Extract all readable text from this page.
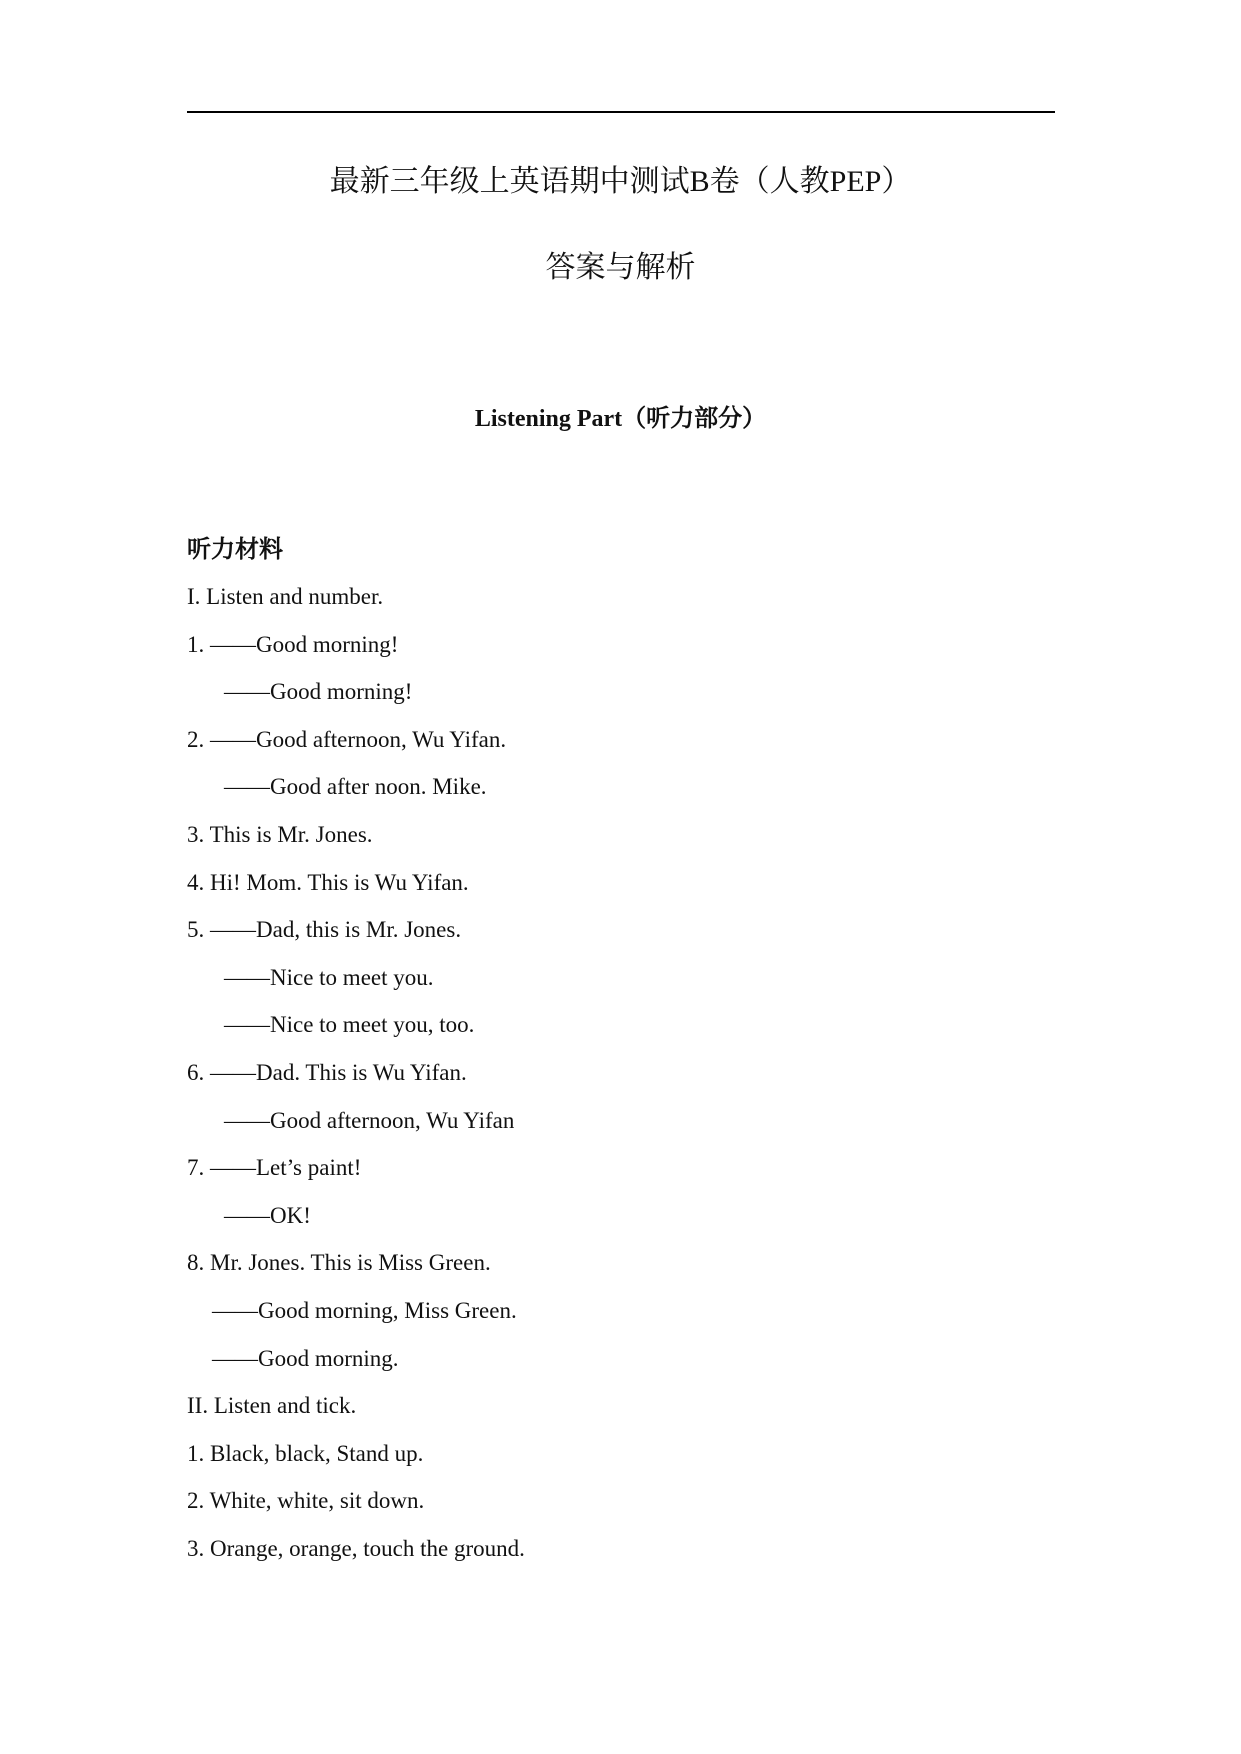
最新三年级上英语期中测试B卷（人教PEP）
答案与解析
Listening Part（听力部分）
听力材料
I. Listen and number.
1. ——Good morning!
——Good morning!
2. ——Good afternoon, Wu Yifan.
——Good after noon. Mike.
3. This is Mr. Jones.
4. Hi! Mom. This is Wu Yifan.
5. ——Dad, this is Mr. Jones.
——Nice to meet you.
——Nice to meet you, too.
6. ——Dad. This is Wu Yifan.
——Good afternoon, Wu Yifan
7. ——Let’s paint!
——OK!
8. Mr. Jones. This is Miss Green.
——Good morning, Miss Green.
——Good morning.
II. Listen and tick.
1. Black, black, Stand up.
2. White, white, sit down.
3. Orange, orange, touch the ground.
